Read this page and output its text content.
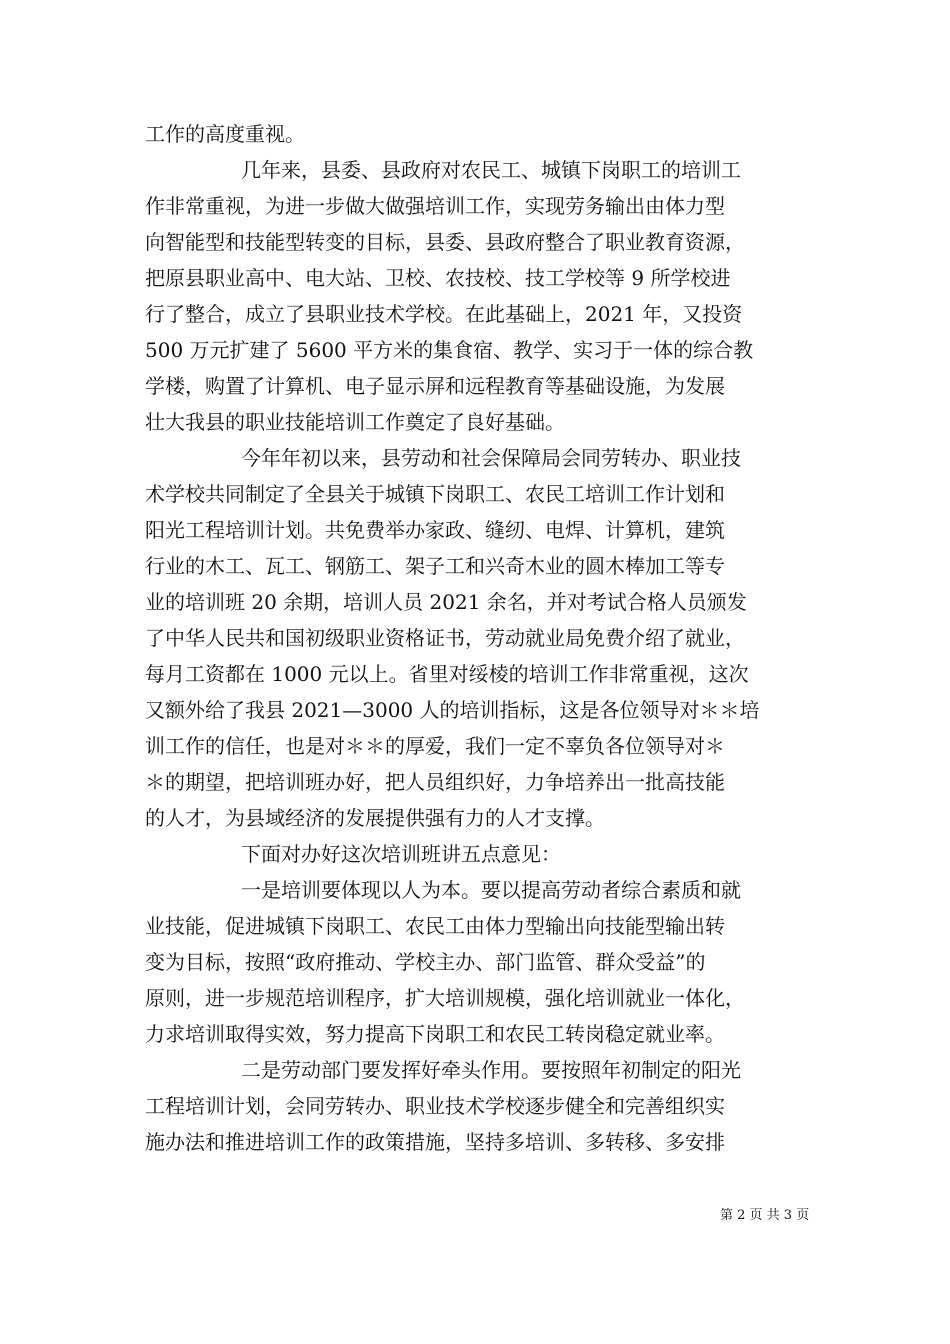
工作的高度重视。
几年来，县委、县政府对农民工、城镇下岗职工的培训工
作非常重视，为进一步做大做强培训工作，实现劳务输出由体力型
向智能型和技能型转变的目标，县委、县政府整合了职业教育资源，
把原县职业高中、电大站、卫校、农技校、技工学校等 9 所学校进
行了整合，成立了县职业技术学校。在此基础上，2021 年，又投资
500 万元扩建了 5600 平方米的集食宿、教学、实习于一体的综合教
学楼，购置了计算机、电子显示屏和远程教育等基础设施，为发展
壮大我县的职业技能培训工作奠定了良好基础。
今年年初以来，县劳动和社会保障局会同劳转办、职业技
术学校共同制定了全县关于城镇下岗职工、农民工培训工作计划和
阳光工程培训计划。共免费举办家政、缝纫、电焊、计算机，建筑
行业的木工、瓦工、钢筋工、架子工和兴奇木业的圆木棒加工等专
业的培训班 20 余期，培训人员 2021 余名，并对考试合格人员颁发
了中华人民共和国初级职业资格证书，劳动就业局免费介绍了就业，
每月工资都在 1000 元以上。省里对绥棱的培训工作非常重视，这次
又额外给了我县 2021—3000 人的培训指标，这是各位领导对＊＊培
训工作的信任，也是对＊＊的厚爱，我们一定不辜负各位领导对＊
＊的期望，把培训班办好，把人员组织好，力争培养出一批高技能
的人才，为县域经济的发展提供强有力的人才支撑。
下面对办好这次培训班讲五点意见：
一是培训要体现以人为本。要以提高劳动者综合素质和就
业技能，促进城镇下岗职工、农民工由体力型输出向技能型输出转
变为目标，按照“政府推动、学校主办、部门监管、群众受益”的
原则，进一步规范培训程序，扩大培训规模，强化培训就业一体化，
力求培训取得实效，努力提高下岗职工和农民工转岗稳定就业率。
二是劳动部门要发挥好牵头作用。要按照年初制定的阳光
工程培训计划，会同劳转办、职业技术学校逐步健全和完善组织实
施办法和推进培训工作的政策措施，坚持多培训、多转移、多安排
第 2 页 共 3 页
